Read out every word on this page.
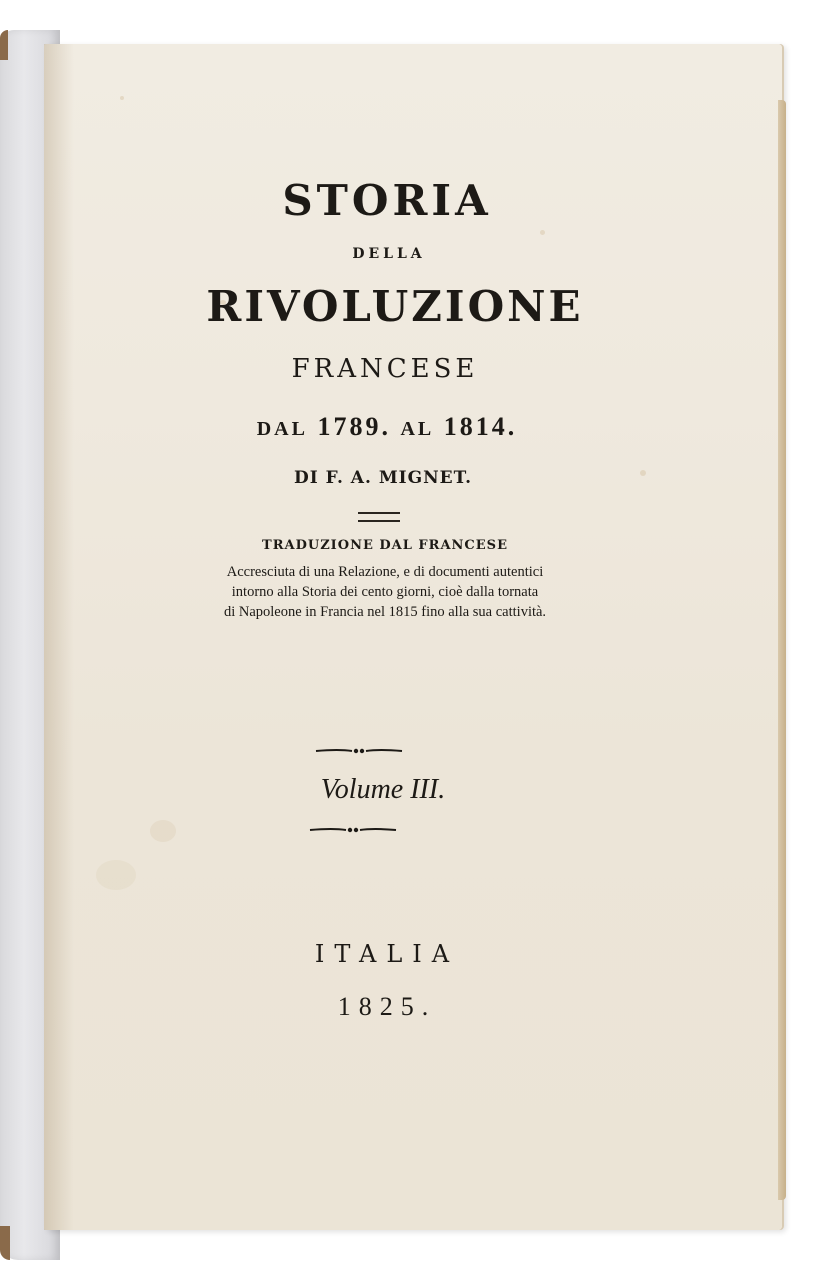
STORIA
DELLA
RIVOLUZIONE
FRANCESE
DAL 1789. AL 1814.
DI F. A. MIGNET.
TRADUZIONE DAL FRANCESE
Accresciuta di una Relazione, e di documenti autentici
intorno alla Storia dei cento giorni, cioè dalla tornata
di Napoleone in Francia nel 1815 fino alla sua cattività.
Volume III.
ITALIA
1825.
